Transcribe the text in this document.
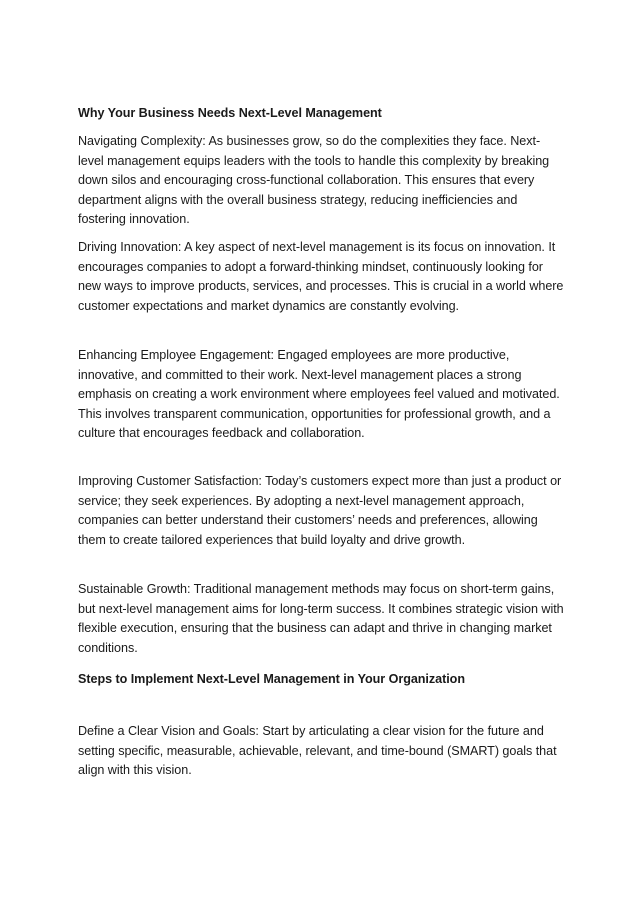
Why Your Business Needs Next-Level Management

Navigating Complexity: As businesses grow, so do the complexities they face. Next-level management equips leaders with the tools to handle this complexity by breaking down silos and encouraging cross-functional collaboration. This ensures that every department aligns with the overall business strategy, reducing inefficiencies and fostering innovation.

Driving Innovation: A key aspect of next-level management is its focus on innovation. It encourages companies to adopt a forward-thinking mindset, continuously looking for new ways to improve products, services, and processes. This is crucial in a world where customer expectations and market dynamics are constantly evolving.

Enhancing Employee Engagement: Engaged employees are more productive, innovative, and committed to their work. Next-level management places a strong emphasis on creating a work environment where employees feel valued and motivated. This involves transparent communication, opportunities for professional growth, and a culture that encourages feedback and collaboration.

Improving Customer Satisfaction: Today’s customers expect more than just a product or service; they seek experiences. By adopting a next-level management approach, companies can better understand their customers’ needs and preferences, allowing them to create tailored experiences that build loyalty and drive growth.

Sustainable Growth: Traditional management methods may focus on short-term gains, but next-level management aims for long-term success. It combines strategic vision with flexible execution, ensuring that the business can adapt and thrive in changing market conditions.

Steps to Implement Next-Level Management in Your Organization

Define a Clear Vision and Goals: Start by articulating a clear vision for the future and setting specific, measurable, achievable, relevant, and time-bound (SMART) goals that align with this vision.
